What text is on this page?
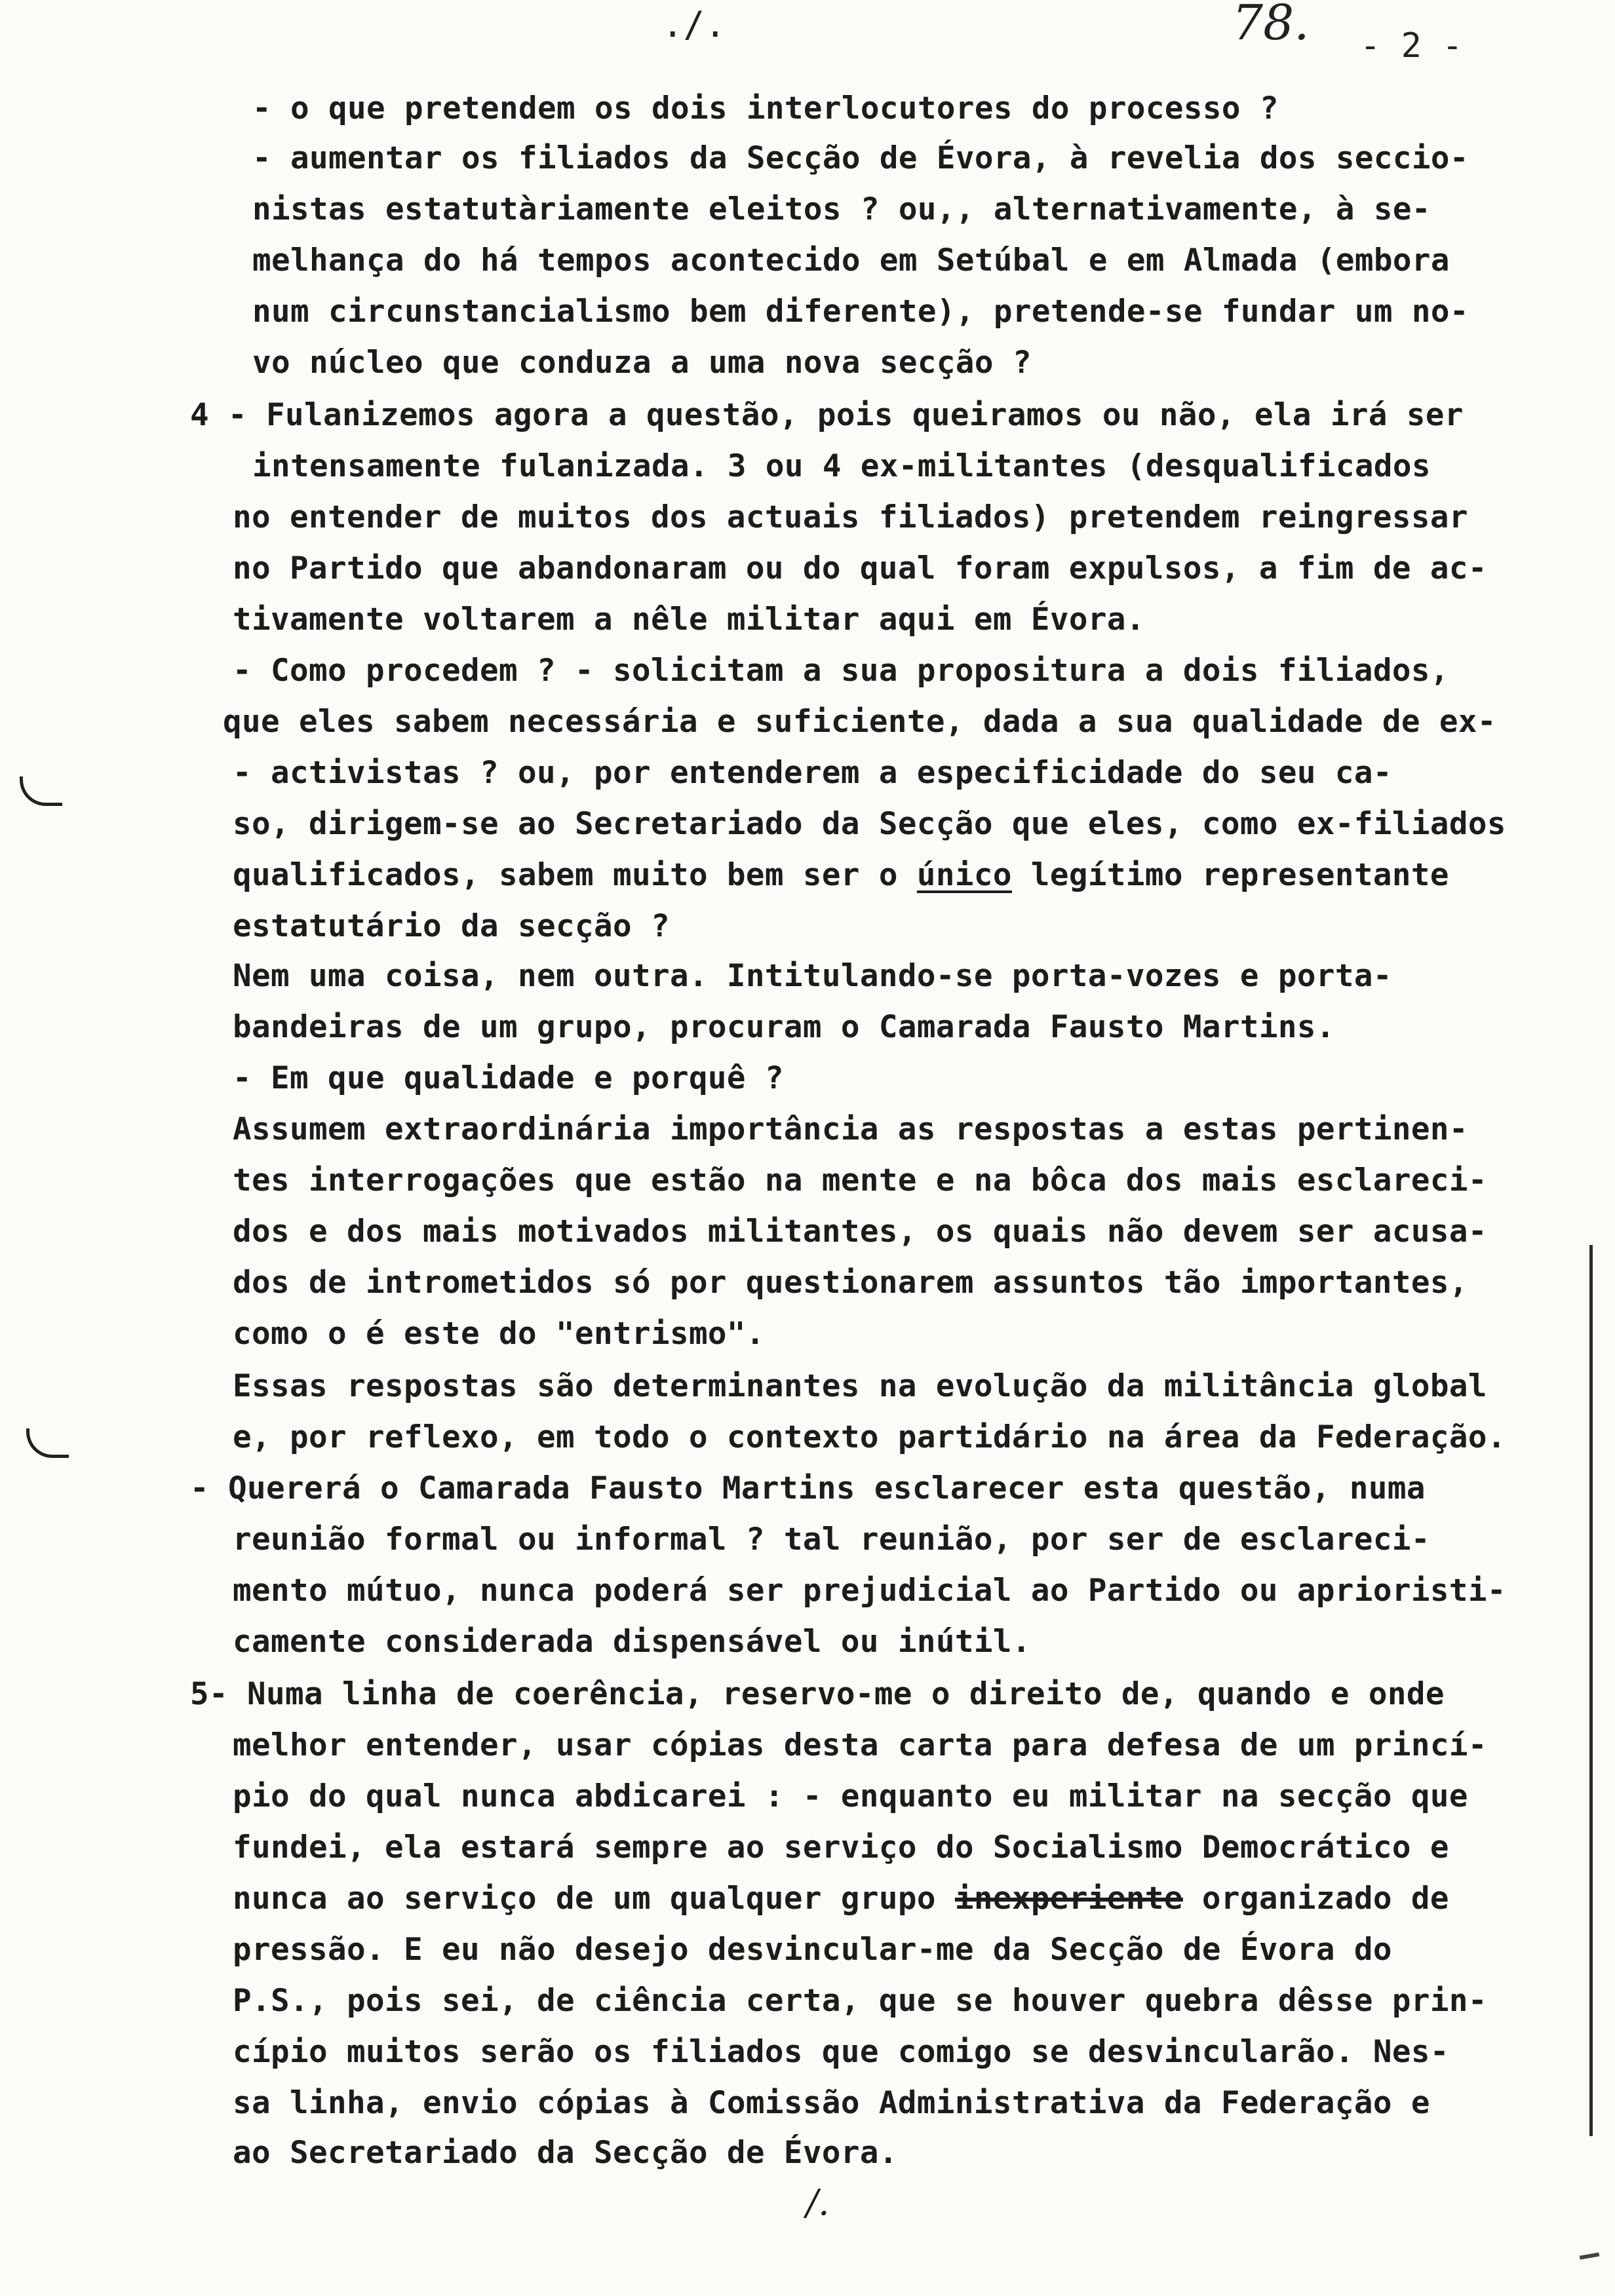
./.	78. - 2 -
- o que pretendem os dois interlocutores do processo ?
- aumentar os filiados da Secção de Évora, à revelia dos seccio-
nistas estatutàriamente eleitos ? ou,, alternativamente, à se-
melhança do há tempos acontecido em Setúbal e em Almada (embora
num circunstancialismo bem diferente), pretende-se fundar um no-
vo núcleo que conduza a uma nova secção ?
4 - Fulanizemos agora a questão, pois queiramos ou não, ela irá ser
intensamente fulanizada. 3 ou 4 ex-militantes (desqualificados
no entender de muitos dos actuais filiados) pretendem reingressar
no Partido que abandonaram ou do qual foram expulsos, a fim de ac-
tivamente voltarem a nêle militar aqui em Évora.
- Como procedem ? - solicitam a sua propositura a dois filiados,
que eles sabem necessária e suficiente, dada a sua qualidade de ex-
- activistas ? ou, por entenderem a especificidade do seu ca-
so, dirigem-se ao Secretariado da Secção que eles, como ex-filiados
qualificados, sabem muito bem ser o único legítimo representante
estatutário da secção ?
Nem uma coisa, nem outra. Intitulando-se porta-vozes e porta-
bandeiras de um grupo, procuram o Camarada Fausto Martins.
- Em que qualidade e porquê ?
Assumem extraordinária importância as respostas a estas pertinen-
tes interrogações que estão na mente e na bôca dos mais esclareci-
dos e dos mais motivados militantes, os quais não devem ser acusa-
dos de intrometidos só por questionarem assuntos tão importantes,
como o é este do "entrismo".
Essas respostas são determinantes na evolução da militância global
e, por reflexo, em todo o contexto partidário na área da Federação.
- Quererá o Camarada Fausto Martins esclarecer esta questão, numa
reunião formal ou informal ? tal reunião, por ser de esclareci-
mento mútuo, nunca poderá ser prejudicial ao Partido ou aprioristi-
camente considerada dispensável ou inútil.
5- Numa linha de coerência, reservo-me o direito de, quando e onde
melhor entender, usar cópias desta carta para defesa de um princí-
pio do qual nunca abdicarei : - enquanto eu militar na secção que
fundei, ela estará sempre ao serviço do Socialismo Democrático e
nunca ao serviço de um qualquer grupo inexperiente organizado de
pressão. E eu não desejo desvincular-me da Secção de Évora do
P.S., pois sei, de ciência certa, que se houver quebra dêsse prin-
cípio muitos serão os filiados que comigo se desvincularão. Nes-
sa linha, envio cópias à Comissão Administrativa da Federação e
ao Secretariado da Secção de Évora.
/.
